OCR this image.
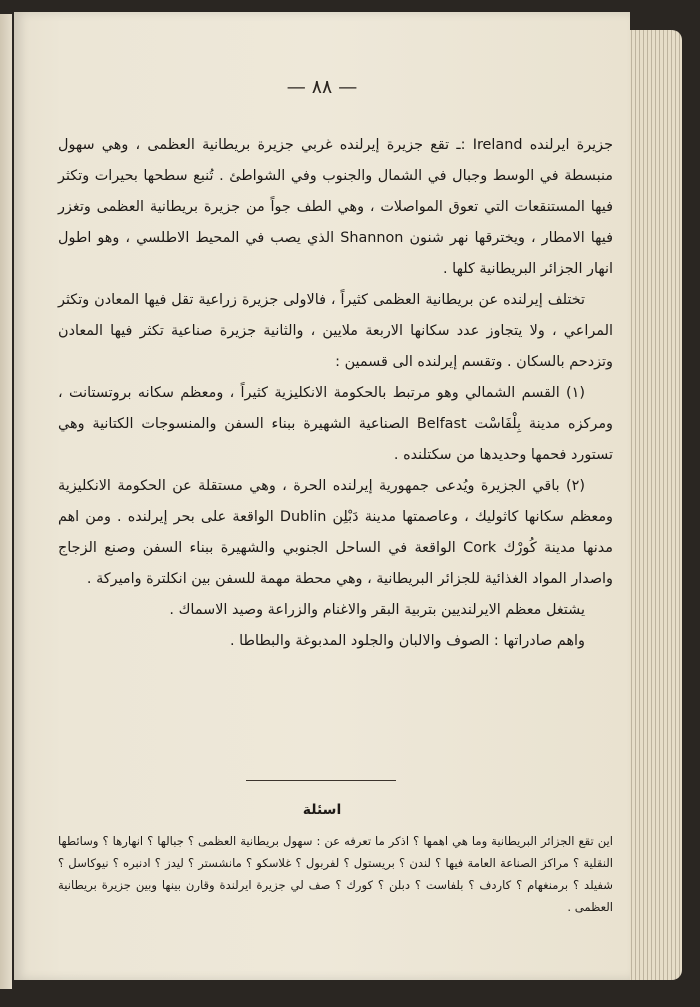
— ٨٨ —

جزيرة ايرلنده Ireland :ـ تقع جزيرة إيرلنده غربي جزيرة بريطانية العظمى ، وهي سهول منبسطة في الوسط وجبال في الشمال والجنوب وفي الشواطئ . تُنبع سطحها بحيرات وتكثر فيها المستنقعات التي تعوق المواصلات ، وهي الطف جواً من جزيرة بريطانية العظمى وتغزر فيها الامطار ، ويخترقها نهر شنون Shannon الذي يصب في المحيط الاطلسي ، وهو اطول انهار الجزائر البريطانية كلها .

تختلف إيرلنده عن بريطانية العظمى كثيراً ، فالاولى جزيرة زراعية تقل فيها المعادن وتكثر المراعي ، ولا يتجاوز عدد سكانها الاربعة ملايين ، والثانية جزيرة صناعية تكثر فيها المعادن وتزدحم بالسكان . وتقسم إيرلنده الى قسمين :

(١) القسم الشمالي وهو مرتبط بالحكومة الانكليزية كثيراً ، ومعظم سكانه بروتستانت ، ومركزه مدينة بِلْفَاسْت Belfast الصناعية الشهيرة ببناء السفن والمنسوجات الكتانية وهي تستورد فحمها وحديدها من سكتلنده .

(٢) باقي الجزيرة ويُدعى جمهورية إيرلنده الحرة ، وهي مستقلة عن الحكومة الانكليزية ومعظم سكانها كاثوليك ، وعاصمتها مدينة دَبْلِن Dublin الواقعة على بحر إيرلنده . ومن اهم مدنها مدينة كُورْك Cork الواقعة في الساحل الجنوبي والشهيرة ببناء السفن وصنع الزجاج واصدار المواد الغذائية للجزائر البريطانية ، وهي محطة مهمة للسفن بين انكلترة واميركة .

يشتغل معظم الايرلنديين بتربية البقر والاغنام والزراعة وصيد الاسماك .

واهم صادراتها : الصوف والالبان والجلود المدبوغة والبطاطا .

اسئلة

اين تقع الجزائر البريطانية وما هي اهمها ؟ اذكر ما تعرفه عن : سهول بريطانية العظمى ؟ جبالها ؟ انهارها ؟ وسائطها النقلية ؟ مراكز الصناعة العامة فيها ؟ لندن ؟ بريستول ؟ لفربول ؟ غلاسكو ؟ مانشستر ؟ ليدز ؟ ادنبره ؟ نيوكاسل ؟ شفيلد ؟ برمنغهام ؟ كاردف ؟ بلفاست ؟ دبلن ؟ كورك ؟ صف لي جزيرة ايرلندة وقارن بينها وبين جزيرة بريطانية العظمى .
